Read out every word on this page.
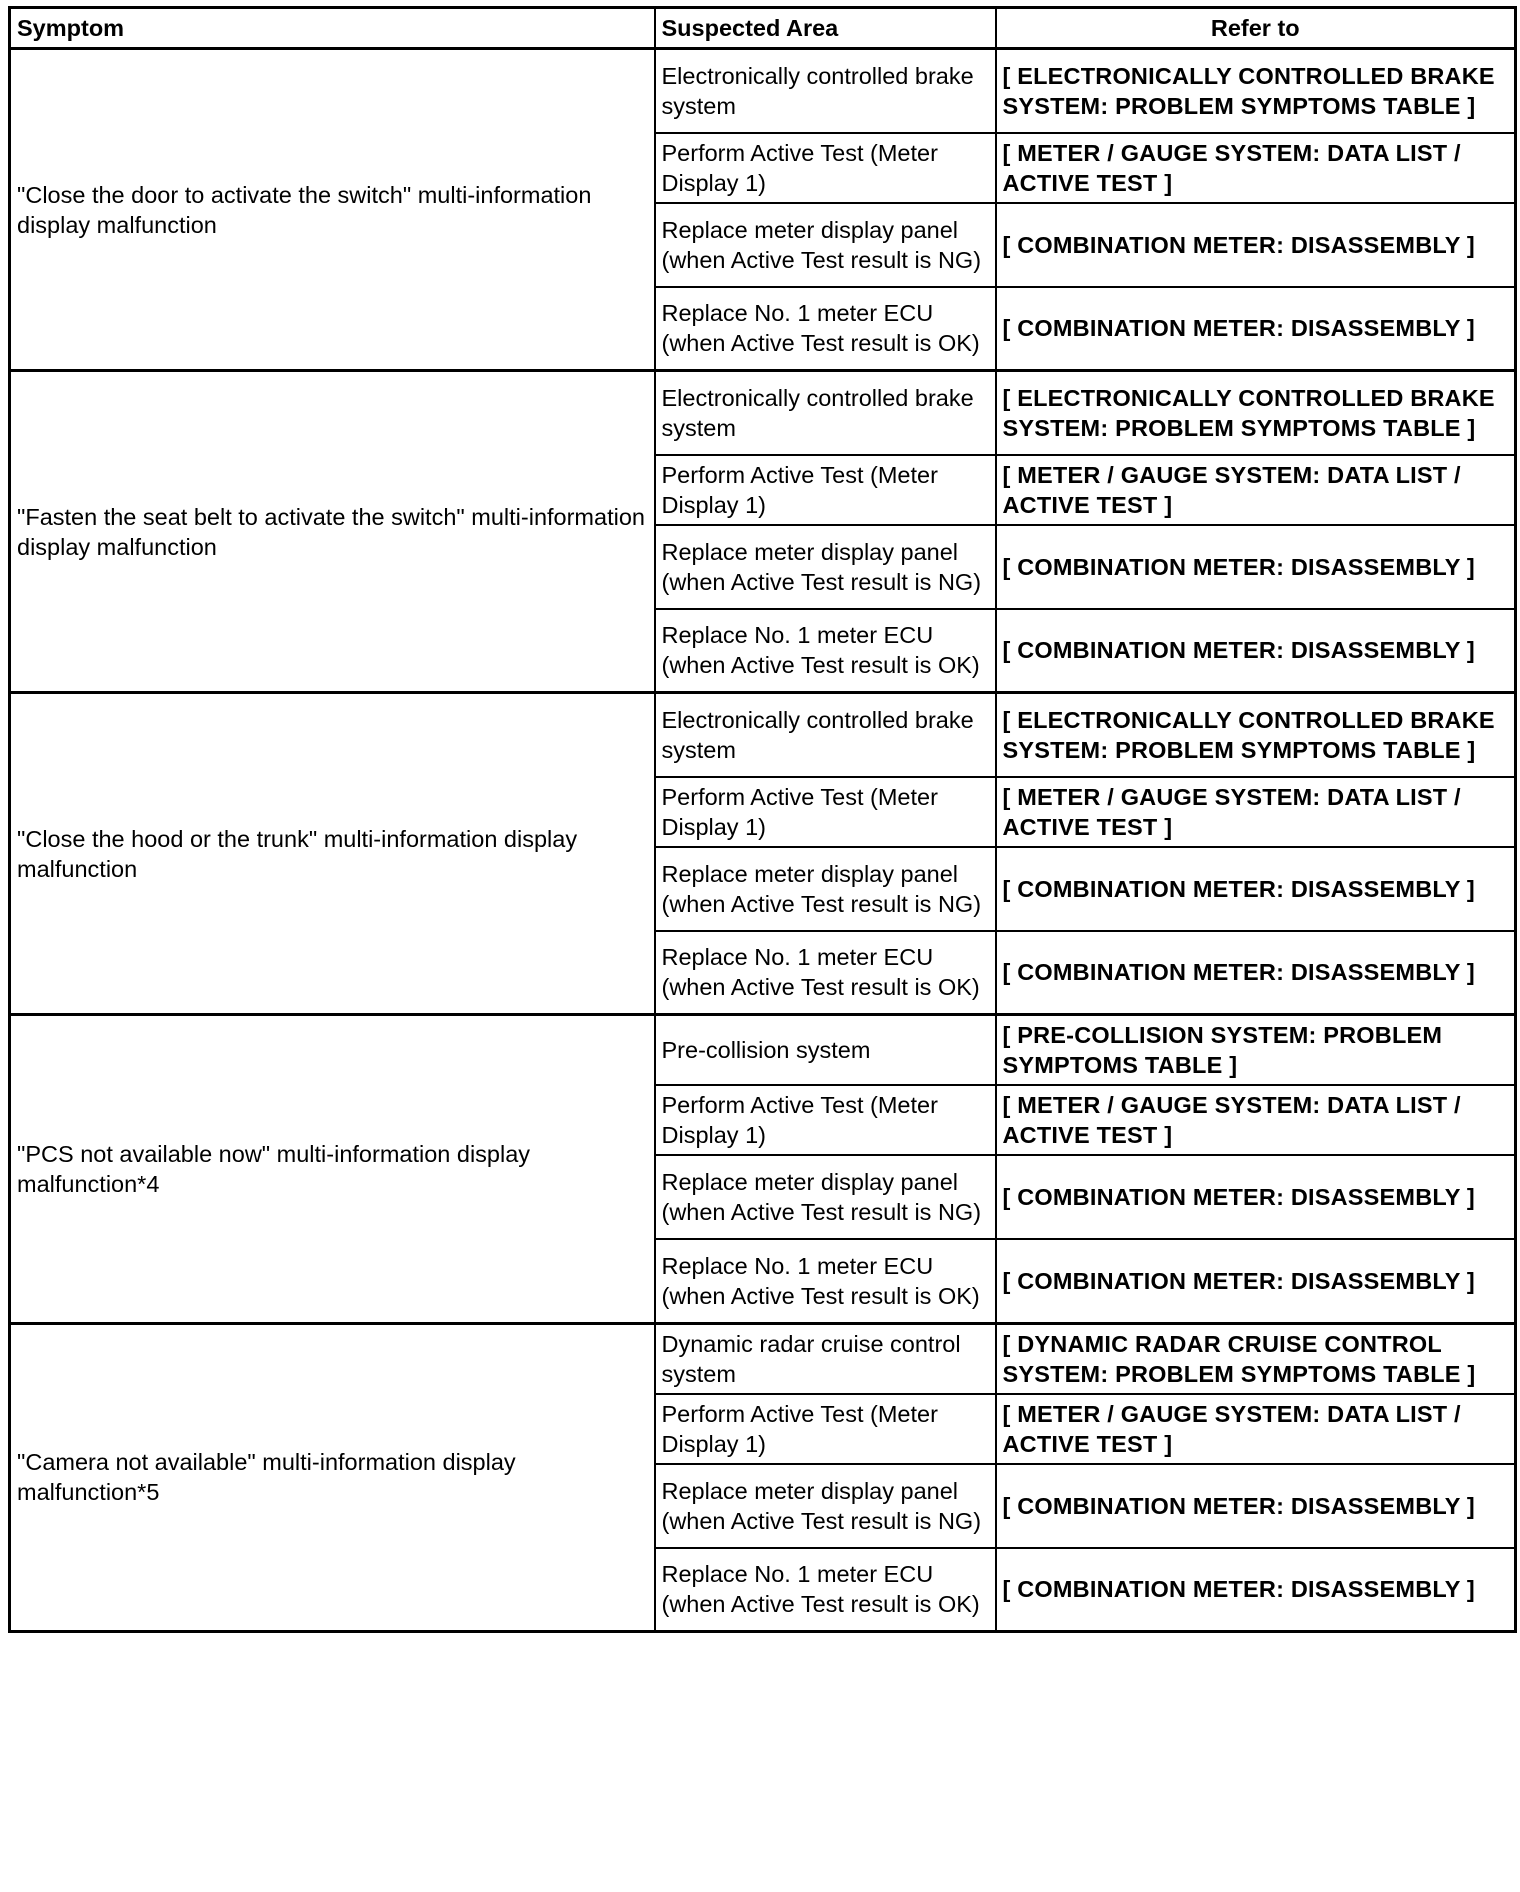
Symptom	Suspected Area	Refer to
"Close the door to activate the switch" multi-information display malfunction	Electronically controlled brake system	[ ELECTRONICALLY CONTROLLED BRAKE SYSTEM: PROBLEM SYMPTOMS TABLE ]
	Perform Active Test (Meter Display 1)	[ METER / GAUGE SYSTEM: DATA LIST / ACTIVE TEST ]
	Replace meter display panel (when Active Test result is NG)	[ COMBINATION METER: DISASSEMBLY ]
	Replace No. 1 meter ECU (when Active Test result is OK)	[ COMBINATION METER: DISASSEMBLY ]
"Fasten the seat belt to activate the switch" multi-information display malfunction	Electronically controlled brake system	[ ELECTRONICALLY CONTROLLED BRAKE SYSTEM: PROBLEM SYMPTOMS TABLE ]
	Perform Active Test (Meter Display 1)	[ METER / GAUGE SYSTEM: DATA LIST / ACTIVE TEST ]
	Replace meter display panel (when Active Test result is NG)	[ COMBINATION METER: DISASSEMBLY ]
	Replace No. 1 meter ECU (when Active Test result is OK)	[ COMBINATION METER: DISASSEMBLY ]
"Close the hood or the trunk" multi-information display malfunction	Electronically controlled brake system	[ ELECTRONICALLY CONTROLLED BRAKE SYSTEM: PROBLEM SYMPTOMS TABLE ]
	Perform Active Test (Meter Display 1)	[ METER / GAUGE SYSTEM: DATA LIST / ACTIVE TEST ]
	Replace meter display panel (when Active Test result is NG)	[ COMBINATION METER: DISASSEMBLY ]
	Replace No. 1 meter ECU (when Active Test result is OK)	[ COMBINATION METER: DISASSEMBLY ]
"PCS not available now" multi-information display malfunction*4	Pre-collision system	[ PRE-COLLISION SYSTEM: PROBLEM SYMPTOMS TABLE ]
	Perform Active Test (Meter Display 1)	[ METER / GAUGE SYSTEM: DATA LIST / ACTIVE TEST ]
	Replace meter display panel (when Active Test result is NG)	[ COMBINATION METER: DISASSEMBLY ]
	Replace No. 1 meter ECU (when Active Test result is OK)	[ COMBINATION METER: DISASSEMBLY ]
"Camera not available" multi-information display malfunction*5	Dynamic radar cruise control system	[ DYNAMIC RADAR CRUISE CONTROL SYSTEM: PROBLEM SYMPTOMS TABLE ]
	Perform Active Test (Meter Display 1)	[ METER / GAUGE SYSTEM: DATA LIST / ACTIVE TEST ]
	Replace meter display panel (when Active Test result is NG)	[ COMBINATION METER: DISASSEMBLY ]
	Replace No. 1 meter ECU (when Active Test result is OK)	[ COMBINATION METER: DISASSEMBLY ]
